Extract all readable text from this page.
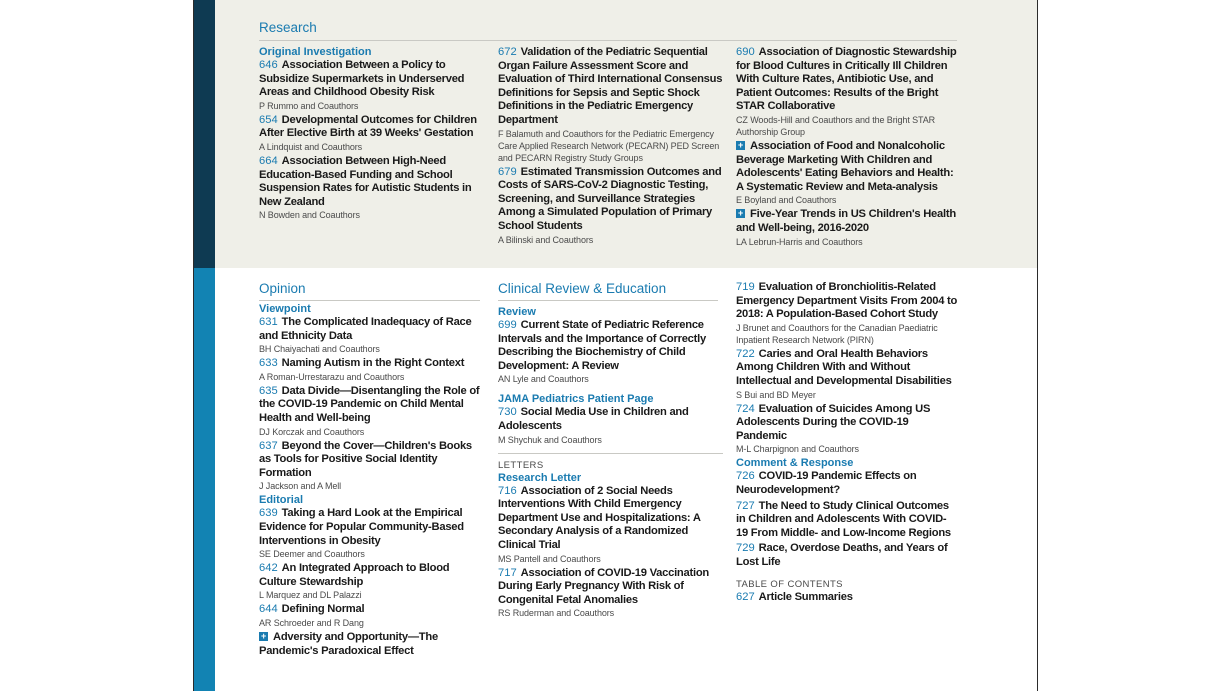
Research
Original Investigation
646 Association Between a Policy to Subsidize Supermarkets in Underserved Areas and Childhood Obesity Risk
P Rummo and Coauthors
654 Developmental Outcomes for Children After Elective Birth at 39 Weeks' Gestation
A Lindquist and Coauthors
664 Association Between High-Need Education-Based Funding and School Suspension Rates for Autistic Students in New Zealand
N Bowden and Coauthors
672 Validation of the Pediatric Sequential Organ Failure Assessment Score and Evaluation of Third International Consensus Definitions for Sepsis and Septic Shock Definitions in the Pediatric Emergency Department
F Balamuth and Coauthors for the Pediatric Emergency Care Applied Research Network (PECARN) PED Screen and PECARN Registry Study Groups
679 Estimated Transmission Outcomes and Costs of SARS-CoV-2 Diagnostic Testing, Screening, and Surveillance Strategies Among a Simulated Population of Primary School Students
A Bilinski and Coauthors
690 Association of Diagnostic Stewardship for Blood Cultures in Critically Ill Children With Culture Rates, Antibiotic Use, and Patient Outcomes: Results of the Bright STAR Collaborative
CZ Woods-Hill and Coauthors and the Bright STAR Authorship Group
+ Association of Food and Nonalcoholic Beverage Marketing With Children and Adolescents' Eating Behaviors and Health: A Systematic Review and Meta-analysis
E Boyland and Coauthors
+ Five-Year Trends in US Children's Health and Well-being, 2016-2020
LA Lebrun-Harris and Coauthors
Opinion	Clinical Review & Education
Viewpoint
631 The Complicated Inadequacy of Race and Ethnicity Data
BH Chaiyachati and Coauthors
633 Naming Autism in the Right Context
A Roman-Urrestarazu and Coauthors
635 Data Divide—Disentangling the Role of the COVID-19 Pandemic on Child Mental Health and Well-being
DJ Korczak and Coauthors
637 Beyond the Cover—Children's Books as Tools for Positive Social Identity Formation
J Jackson and A Mell
Editorial
639 Taking a Hard Look at the Empirical Evidence for Popular Community-Based Interventions in Obesity
SE Deemer and Coauthors
642 An Integrated Approach to Blood Culture Stewardship
L Marquez and DL Palazzi
644 Defining Normal
AR Schroeder and R Dang
+ Adversity and Opportunity—The Pandemic's Paradoxical Effect
Review
699 Current State of Pediatric Reference Intervals and the Importance of Correctly Describing the Biochemistry of Child Development: A Review
AN Lyle and Coauthors
JAMA Pediatrics Patient Page
730 Social Media Use in Children and Adolescents
M Shychuk and Coauthors
LETTERS
Research Letter
716 Association of 2 Social Needs Interventions With Child Emergency Department Use and Hospitalizations: A Secondary Analysis of a Randomized Clinical Trial
MS Pantell and Coauthors
717 Association of COVID-19 Vaccination During Early Pregnancy With Risk of Congenital Fetal Anomalies
RS Ruderman and Coauthors
719 Evaluation of Bronchiolitis-Related Emergency Department Visits From 2004 to 2018: A Population-Based Cohort Study
J Brunet and Coauthors for the Canadian Paediatric Inpatient Research Network (PIRN)
722 Caries and Oral Health Behaviors Among Children With and Without Intellectual and Developmental Disabilities
S Bui and BD Meyer
724 Evaluation of Suicides Among US Adolescents During the COVID-19 Pandemic
M-L Charpignon and Coauthors
Comment & Response
726 COVID-19 Pandemic Effects on Neurodevelopment?
727 The Need to Study Clinical Outcomes in Children and Adolescents With COVID-19 From Middle- and Low-Income Regions
729 Race, Overdose Deaths, and Years of Lost Life
TABLE OF CONTENTS
627 Article Summaries
